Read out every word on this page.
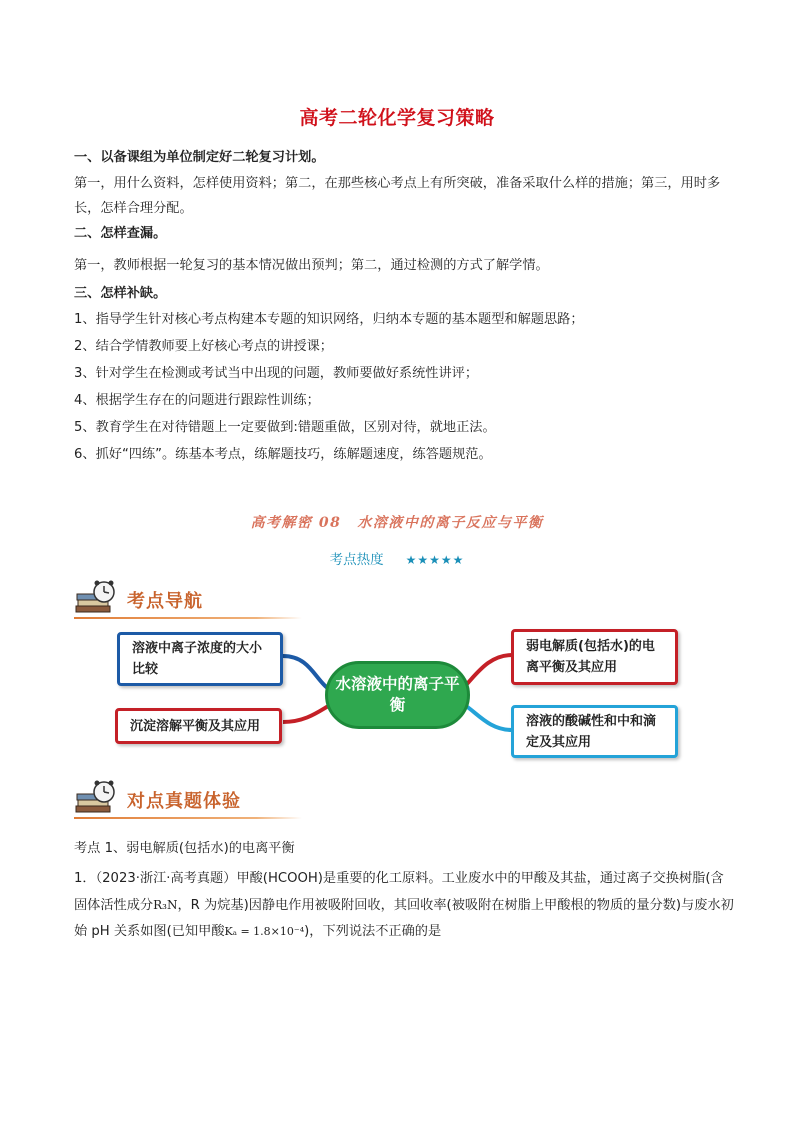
高考二轮化学复习策略

一、以备课组为单位制定好二轮复习计划。

第一，用什么资料，怎样使用资料；第二，在那些核心考点上有所突破，准备采取什么样的措施；第三，用时多长，怎样合理分配。

二、怎样查漏。

第一，教师根据一轮复习的基本情况做出预判；第二，通过检测的方式了解学情。

三、怎样补缺。

1、指导学生针对核心考点构建本专题的知识网络，归纳本专题的基本题型和解题思路；

2、结合学情教师要上好核心考点的讲授课；

3、针对学生在检测或考试当中出现的问题，教师要做好系统性讲评；

4、根据学生存在的问题进行跟踪性训练；

5、教育学生在对待错题上一定要做到:错题重做，区别对待，就地正法。

6、抓好“四练”。练基本考点，练解题技巧，练解题速度，练答题规范。

高考解密 08 水溶液中的离子反应与平衡
考点热度 ★★★★★
考点导航
溶液中离子浓度的大小比较
沉淀溶解平衡及其应用
水溶液中的离子平衡
弱电解质(包括水)的电离平衡及其应用
溶液的酸碱性和中和滴定及其应用
对点真题体验

考点 1、弱电解质(包括水)的电离平衡

1．（2023·浙江·高考真题）甲酸(HCOOH)是重要的化工原料。工业废水中的甲酸及其盐，通过离子交换树脂(含固体活性成分R₃N，R 为烷基)因静电作用被吸附回收，其回收率(被吸附在树脂上甲酸根的物质的量分数)与废水初始 pH 关系如图(已知甲酸Kₐ = 1.8×10⁻⁴)，下列说法不正确的是
